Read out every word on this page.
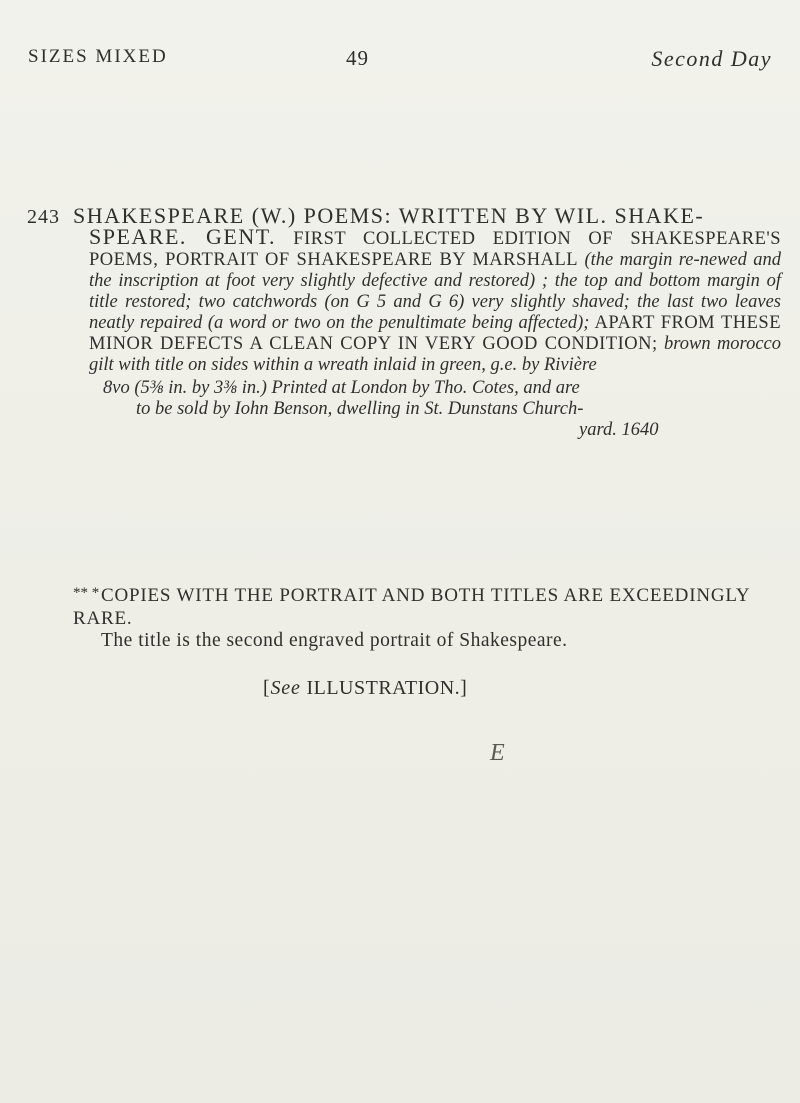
SIZES MIXED	49	Second Day
243 SHAKESPEARE (W.) POEMS: WRITTEN BY WIL. SHAKE-

SPEARE. GENT. FIRST COLLECTED EDITION OF SHAKESPEARE'S POEMS, PORTRAIT OF SHAKESPEARE BY MARSHALL (the margin re-newed and the inscription at foot very slightly defective and restored) ; the top and bottom margin of title restored; two catchwords (on G 5 and G 6) very slightly shaved; the last two leaves neatly repaired (a word or two on the penultimate being affected); APART FROM THESE MINOR DEFECTS A CLEAN COPY IN VERY GOOD CONDITION; brown morocco gilt with title on sides within a wreath inlaid in green, g.e. by Rivière

8vo (5⅜ in. by 3⅜ in.) Printed at London by Tho. Cotes, and are
to be sold by Iohn Benson, dwelling in St. Dunstans Church-
yard. 1640

** *COPIES WITH THE PORTRAIT AND BOTH TITLES ARE EXCEEDINGLY RARE.
The title is the second engraved portrait of Shakespeare.
[See ILLUSTRATION.]
E
